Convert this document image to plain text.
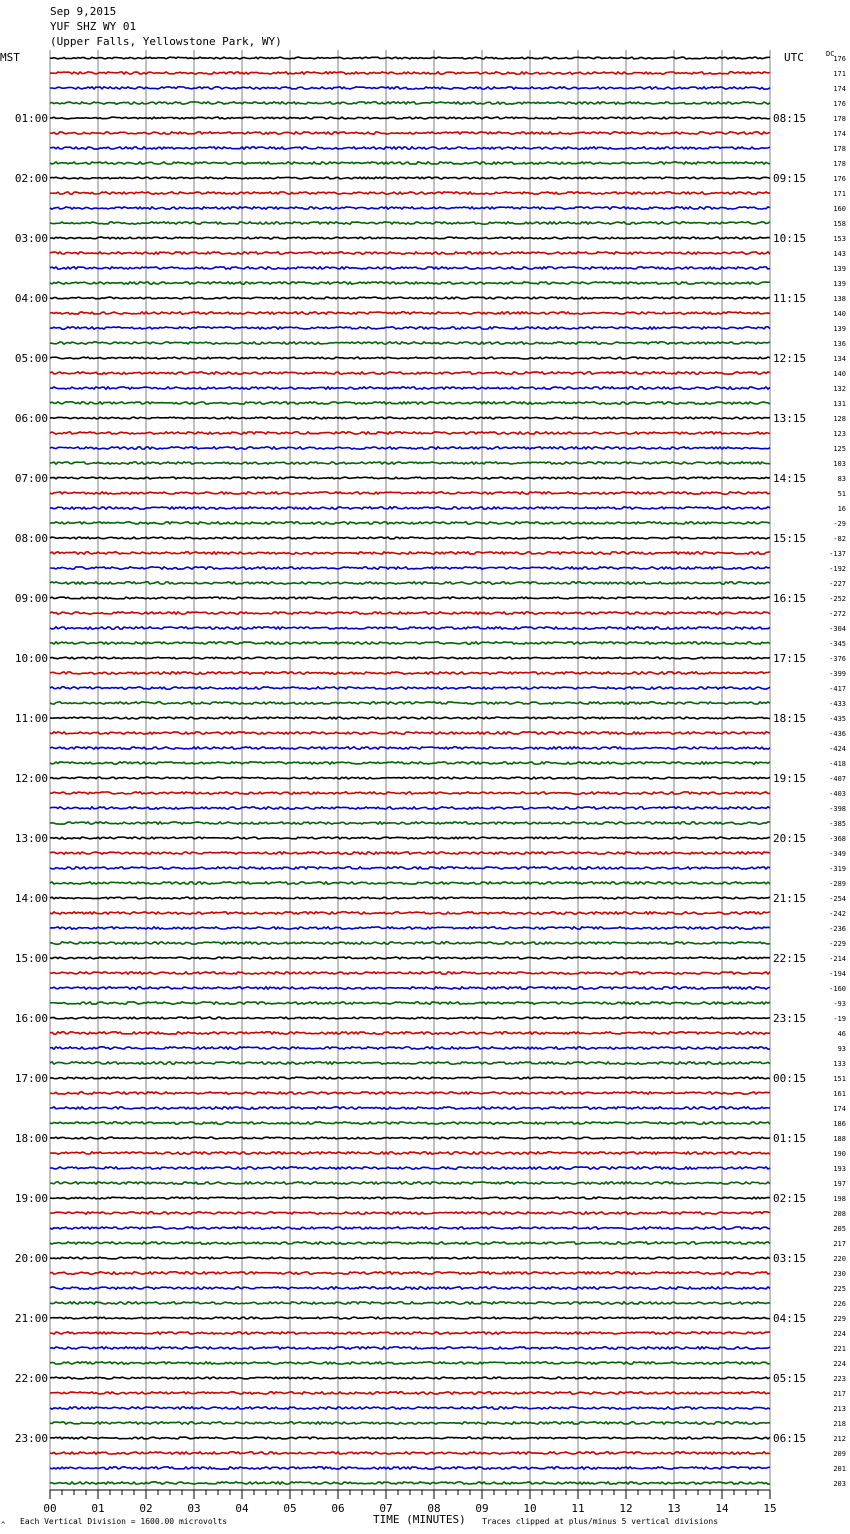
Sep 9,2015
YUF SHZ WY 01
(Upper Falls, Yellowstone Park, WY)
176
171
174
176
178
174
178
178
176
171
160
158
153
143
139
139
138
140
139
136
134
140
132
131
128
123
125
103
83
51
16
-29
-82
-137
-192
-227
-252
-272
-304
-345
-376
-399
-417
-433
-435
-436
-424
-418
-407
-403
-398
-385
-368
-349
-319
-289
-254
-242
-236
-229
-214
-194
-160
-93
-19
46
93
133
151
161
174
186
188
190
193
197
198
208
205
217
220
230
225
226
229
224
221
224
223
217
213
218
212
209
201
203
01:00	08:15
02:00	09:15
03:00	10:15
04:00	11:15
05:00	12:15
06:00	13:15
07:00	14:15
08:00	15:15
09:00	16:15
10:00	17:15
11:00	18:15
12:00	19:15
13:00	20:15
14:00	21:15
15:00	22:15
16:00	23:15
17:00	00:15
18:00	01:15
19:00	02:15
20:00	03:15
21:00	04:15
22:00	05:15
23:00	06:15
00	01	02	03	04	05	06	07	08	09	10	11	12	13	14	15
MST	UTC	DC
^ Each Vertical Division = 1600.00 microvolts	TIME (MINUTES) Traces clipped at plus/minus 5 vertical divisions
